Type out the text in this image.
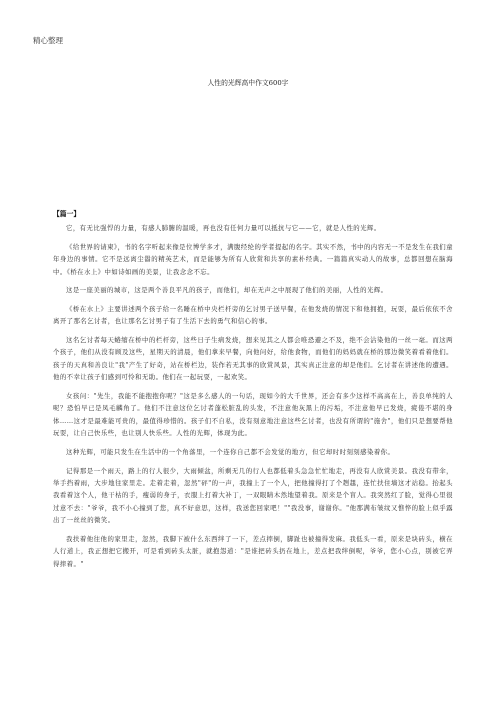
精心整理
人性的光辉高中作文600字
【篇一】

它，有无比强悍的力量，有感人肺腑的温暖，再也没有任何力量可以抵抗与它——它，就是人性的光辉。

《给世界的请柬》，书的名字听起来像是位博学多才，满腹经纶的学者提起的名字。其实不然，书中的内容无一不是发生在我们童年身边的事情。它不是远离尘嚣的精英艺术，而是能够为所有人欣赏和共享的素朴经典。一篇篇真实动人的故事，总都回想在脑海中。《桥在水上》中如诗如画的美景，让我念念不忘。

这是一座美丽的城市，这是两个善良平凡的孩子，而他们，却在无声之中展现了他们的美丽，人性的光辉。

《桥在水上》主要讲述两个孩子给一名睡在桥中央栏杆旁的乞讨男子送早餐，在他发烧的情况下和他拥抱，玩耍，最后依依不舍离开了那名乞讨者，也让那名乞讨男子有了生活下去的勇气和信心的事。

这名乞讨者每天蜷缩在桥中的栏杆旁，这些日子生病发烧，想来见其之人都会唯恐避之不及，绝不会沾染他的一丝一毫。而这两个孩子，他们从没有顾及这些，星期天的清晨，他们拿来早餐，向他问好，给他食物，而他们的妈妈就在桥的那边微笑着看着他们。孩子的天真和善良让"我"产生了好奇，站在桥栏边，装作若无其事的欣赏风景，其实真正注意的却是他们。乞讨者在讲述他的遭遇。他的不幸让孩子们感到可怜和无助。他们在一起玩耍，一起欢笑。

女孩问："先生，我能不能抱抱你呢？"这是多么感人的一句话，现如今的大千世界，还会有多少这样不高高在上，善良单纯的人呢？恐怕早已是凤毛麟角了。他们不注意这位乞讨者蓬松脏乱的头发，不注意他灰黑上的污垢，不注意他早已发烧，疲倦不堪的身体……这才是最难能可贵的，最值得珍惜的。孩子们不自私，没有刻意地注意这些乞讨者，也没有所谓的"施舍"，他们只是想要帮他玩耍，让自己快乐些，也让别人快乐些。人性的光辉，体现为此。

这种光辉，可能只发生在生活中的一个角落里，一个连你自己都不会发觉的地方，但它却时时刻刻感染着你。

记得那是一个雨天，路上的行人很少，大雨倾盆，所剩无几的行人也都低着头急急忙忙地走，再没有人欣赏美景。我没有带伞，举手挡着雨，大步地往家里走。走着走着，忽然"砰"的一声，我撞上了一个人，把他撞得打了个趔趄，连忙扶住墙这才站稳。抬起头我看着这个人，他干枯的手，瘦弱的身子，衣服上打着大补丁，一双眼睛木然地望着我。原来是个盲人。我突然红了脸，觉得心里很过意不去："爷爷，我不小心撞到了您，真不好意思，这样，我送您回家吧！""我没事，谢谢你。"他那满布皱纹又憔悴的脸上似乎露出了一丝丝的微笑。

我扶着他往他的家里走，忽然，我脚下被什么东西绊了一下，差点摔倒，脚趾也被撞得发麻。我低头一看，原来是块砖头，横在人行道上，我正想把它搬开，可是看到砖头太脏，就抱怨道："是谁把砖头扔在地上，差点把我绊倒呢，爷爷，您小心点，别被它弄得摔着。"
